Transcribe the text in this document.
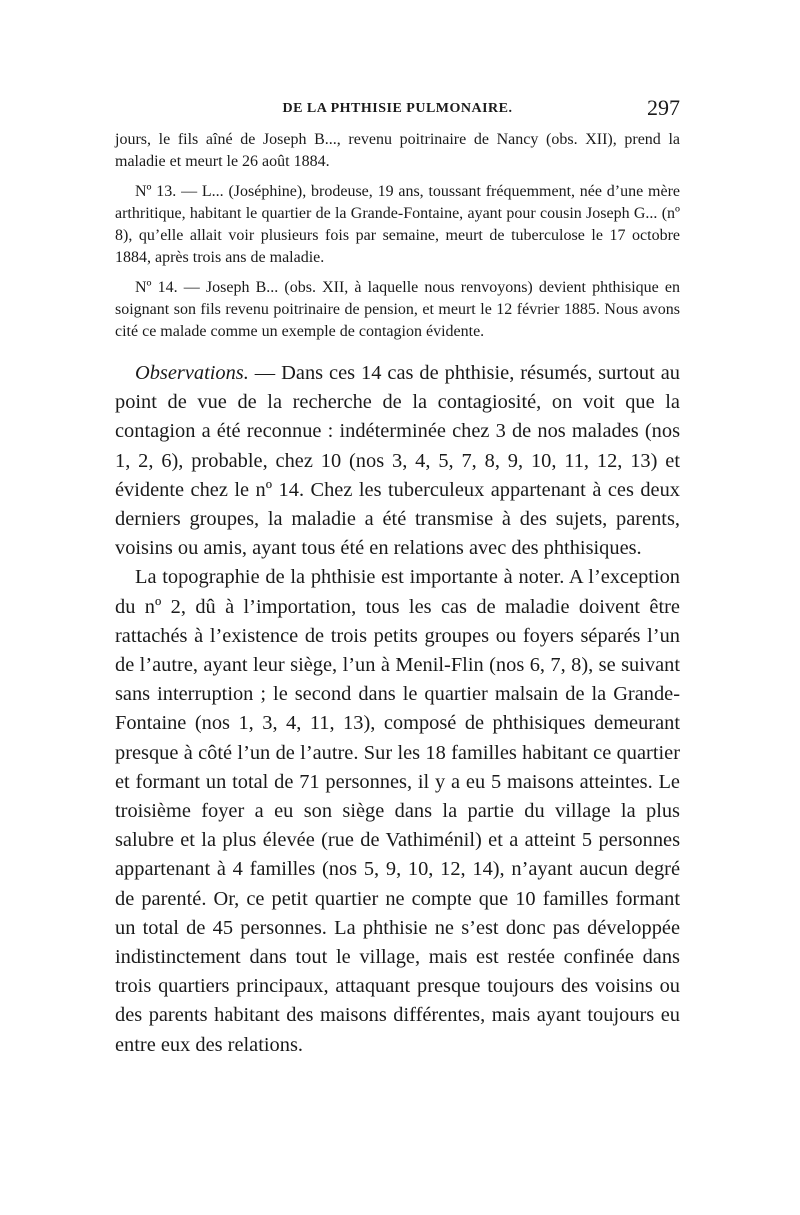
DE LA PHTHISIE PULMONAIRE.	297

jours, le fils aîné de Joseph B..., revenu poitrinaire de Nancy (obs. XII), prend la maladie et meurt le 26 août 1884.

Nº 13. — L... (Joséphine), brodeuse, 19 ans, toussant fréquemment, née d’une mère arthritique, habitant le quartier de la Grande-Fontaine, ayant pour cousin Joseph G... (nº 8), qu’elle allait voir plusieurs fois par semaine, meurt de tuberculose le 17 octobre 1884, après trois ans de maladie.

Nº 14. — Joseph B... (obs. XII, à laquelle nous renvoyons) devient phthisique en soignant son fils revenu poitrinaire de pension, et meurt le 12 février 1885. Nous avons cité ce malade comme un exemple de contagion évidente.

Observations. — Dans ces 14 cas de phthisie, résumés, surtout au point de vue de la recherche de la contagiosité, on voit que la contagion a été reconnue : indéterminée chez 3 de nos malades (nos 1, 2, 6), probable, chez 10 (nos 3, 4, 5, 7, 8, 9, 10, 11, 12, 13) et évidente chez le nº 14. Chez les tuberculeux appartenant à ces deux derniers groupes, la maladie a été transmise à des sujets, parents, voisins ou amis, ayant tous été en relations avec des phthisiques.

La topographie de la phthisie est importante à noter. A l’exception du nº 2, dû à l’importation, tous les cas de maladie doivent être rattachés à l’existence de trois petits groupes ou foyers séparés l’un de l’autre, ayant leur siège, l’un à Menil-Flin (nos 6, 7, 8), se suivant sans interruption ; le second dans le quartier malsain de la Grande-Fontaine (nos 1, 3, 4, 11, 13), composé de phthisiques demeurant presque à côté l’un de l’autre. Sur les 18 familles habitant ce quartier et formant un total de 71 personnes, il y a eu 5 maisons atteintes. Le troisième foyer a eu son siège dans la partie du village la plus salubre et la plus élevée (rue de Vathiménil) et a atteint 5 personnes appartenant à 4 familles (nos 5, 9, 10, 12, 14), n’ayant aucun degré de parenté. Or, ce petit quartier ne compte que 10 familles formant un total de 45 personnes. La phthisie ne s’est donc pas développée indistinctement dans tout le village, mais est restée confinée dans trois quartiers principaux, attaquant presque toujours des voisins ou des parents habitant des maisons différentes, mais ayant toujours eu entre eux des relations.
